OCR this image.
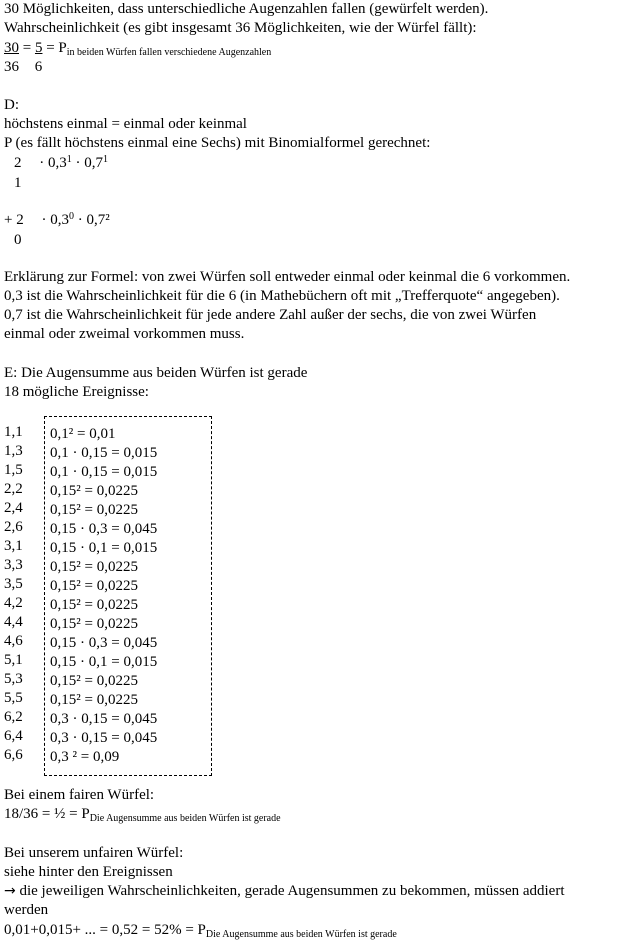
30 Möglichkeiten, dass unterschiedliche Augenzahlen fallen (gewürfelt werden).
Wahrscheinlichkeit (es gibt insgesamt 36 Möglichkeiten, wie der Würfel fällt):
$30 = 5 = P_{in beiden Würfen fallen verschiedene Augenzahlen}$
36 6
D:
höchstens einmal = einmal oder keinmal
P (es fällt höchstens einmal eine Sechs) mit Binomialformel gerechnet:
$2 \cdot 0,3^1 \cdot 0,7^1$
1
+ $2 \cdot 0,3^0 \cdot 0,7^2$
0
Erklärung zur Formel: von zwei Würfen soll entweder einmal oder keinmal die 6 vorkommen.
0,3 ist die Wahrscheinlichkeit für die 6 (in Mathebüchern oft mit „Trefferquote“ angegeben).
0,7 ist die Wahrscheinlichkeit für jede andere Zahl außer der sechs, die von zwei Würfen
einmal oder zweimal vorkommen muss.
E: Die Augensumme aus beiden Würfen ist gerade
18 mögliche Ereignisse:
1,1
1,3
1,5
2,2
2,4
2,6
3,1
3,3
3,5
4,2
4,4
4,6
5,1
5,3
5,5
6,2
6,4
6,6
0,1² = 0,01
0,1 · 0,15 = 0,015
0,1 · 0,15 = 0,015
0,15² = 0,0225
0,15² = 0,0225
0,15 · 0,3 = 0,045
0,15 · 0,1 = 0,015
0,15² = 0,0225
0,15² = 0,0225
0,15² = 0,0225
0,15² = 0,0225
0,15 · 0,3 = 0,045
0,15 · 0,1 = 0,015
0,15² = 0,0225
0,15² = 0,0225
0,3 · 0,15 = 0,045
0,3 · 0,15 = 0,045
0,3 ² = 0,09
Bei einem fairen Würfel:
18/36 = ½ = $P_{Die Augensumme aus beiden Würfen ist gerade}$
Bei unserem unfairen Würfel:
siehe hinter den Ereignissen
→ die jeweiligen Wahrscheinlichkeiten, gerade Augensummen zu bekommen, müssen addiert
werden
0,01+0,015+ ... = $0,52 = 52\% = P_{Die Augensumme aus beiden Würfen ist gerade}$
